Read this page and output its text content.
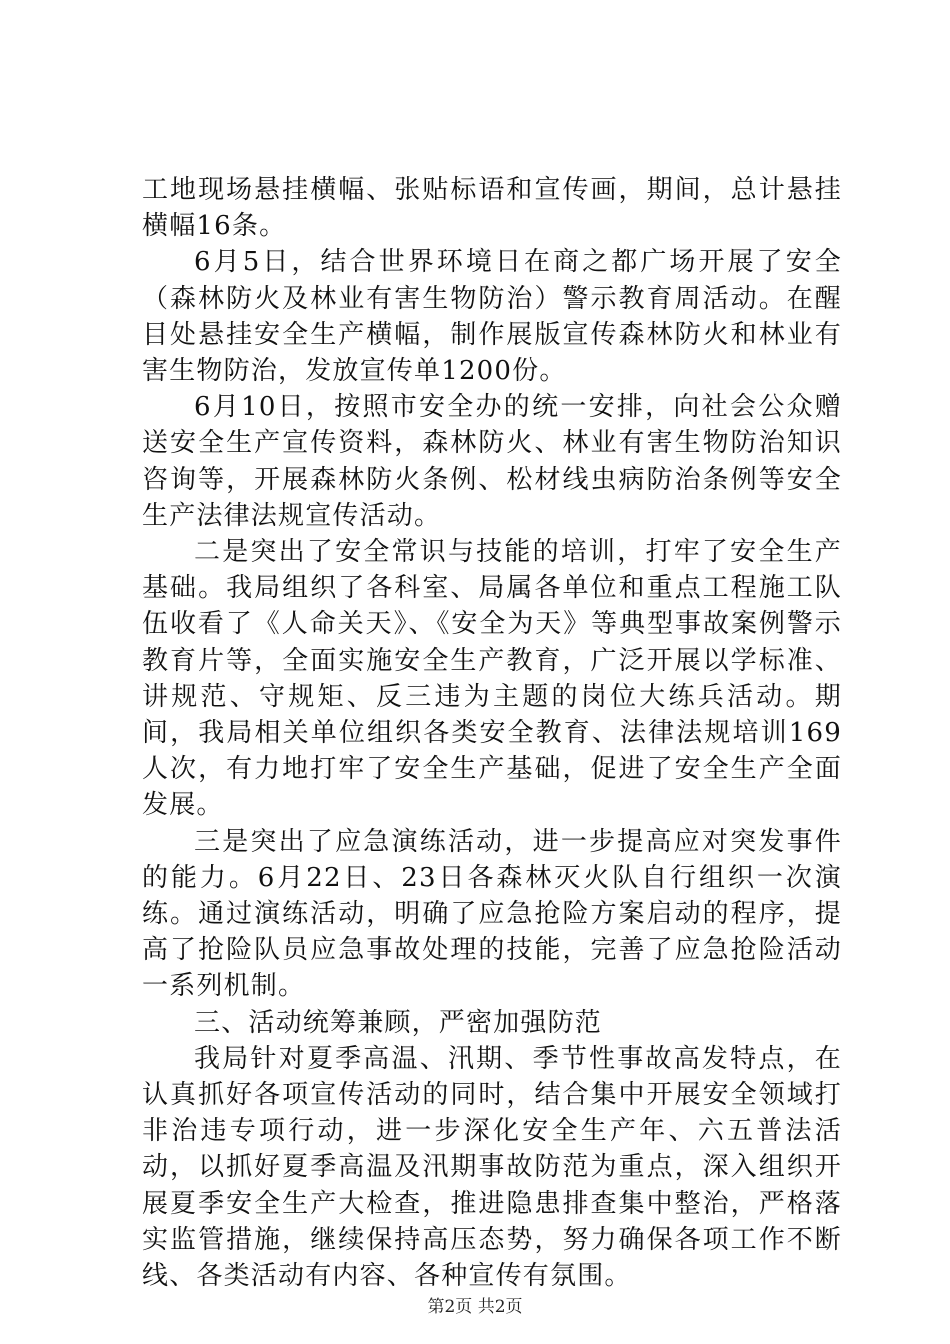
工地现场悬挂横幅、张贴标语和宣传画，期间，总计悬挂横幅16条。

6月5日，结合世界环境日在商之都广场开展了安全（森林防火及林业有害生物防治）警示教育周活动。在醒目处悬挂安全生产横幅，制作展版宣传森林防火和林业有害生物防治，发放宣传单1200份。

6月10日，按照市安全办的统一安排，向社会公众赠送安全生产宣传资料，森林防火、林业有害生物防治知识咨询等，开展森林防火条例、松材线虫病防治条例等安全生产法律法规宣传活动。

二是突出了安全常识与技能的培训，打牢了安全生产基础。我局组织了各科室、局属各单位和重点工程施工队伍收看了《人命关天》、《安全为天》等典型事故案例警示教育片等，全面实施安全生产教育，广泛开展以学标准、讲规范、守规矩、反三违为主题的岗位大练兵活动。期间，我局相关单位组织各类安全教育、法律法规培训169人次，有力地打牢了安全生产基础，促进了安全生产全面发展。

三是突出了应急演练活动，进一步提高应对突发事件的能力。6月22日、23日各森林灭火队自行组织一次演练。通过演练活动，明确了应急抢险方案启动的程序，提高了抢险队员应急事故处理的技能，完善了应急抢险活动一系列机制。

三、活动统筹兼顾，严密加强防范

我局针对夏季高温、汛期、季节性事故高发特点，在认真抓好各项宣传活动的同时，结合集中开展安全领域打非治违专项行动，进一步深化安全生产年、六五普法活动，以抓好夏季高温及汛期事故防范为重点，深入组织开展夏季安全生产大检查，推进隐患排查集中整治，严格落实监管措施，继续保持高压态势，努力确保各项工作不断线、各类活动有内容、各种宣传有氛围。

第2页 共2页
